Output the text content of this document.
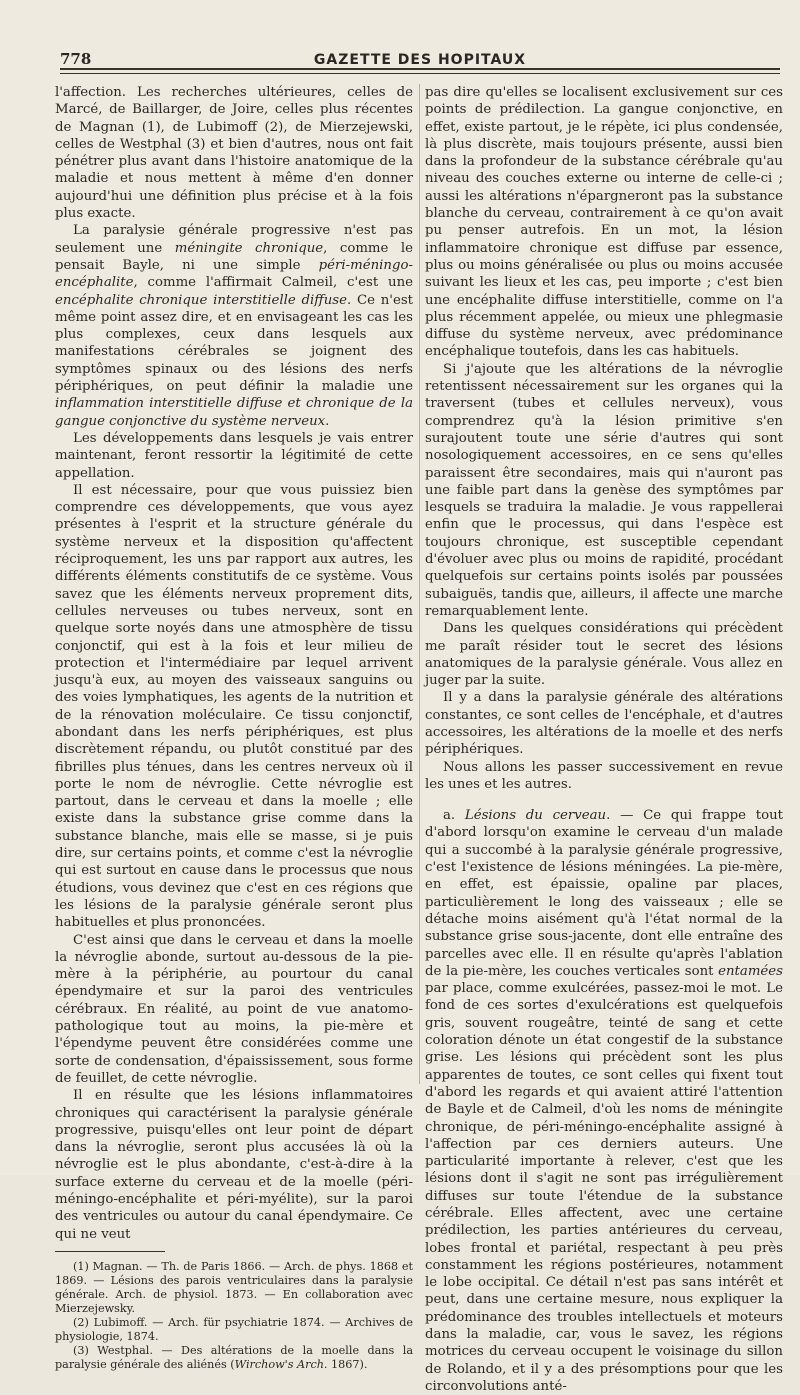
778	GAZETTE DES HOPITAUX

l'affection. Les recherches ultérieures, celles de Marcé, de Baillarger, de Joire, celles plus récentes de Magnan (1), de Lubimoff (2), de Mierzejewski, celles de Westphal (3) et bien d'autres, nous ont fait pénétrer plus avant dans l'histoire anatomique de la maladie et nous mettent à même d'en donner aujourd'hui une définition plus précise et à la fois plus exacte.

La paralysie générale progressive n'est pas seulement une méningite chronique, comme le pensait Bayle, ni une simple péri-méningo-encéphalite, comme l'affirmait Calmeil, c'est une encéphalite chronique interstitielle diffuse. Ce n'est même point assez dire, et en envisageant les cas les plus complexes, ceux dans lesquels aux manifestations cérébrales se joignent des symptômes spinaux ou des lésions des nerfs périphériques, on peut définir la maladie une inflammation interstitielle diffuse et chronique de la gangue conjonctive du système nerveux.

Les développements dans lesquels je vais entrer maintenant, feront ressortir la légitimité de cette appellation.

Il est nécessaire, pour que vous puissiez bien comprendre ces développements, que vous ayez présentes à l'esprit et la structure générale du système nerveux et la disposition qu'affectent réciproquement, les uns par rapport aux autres, les différents éléments constitutifs de ce système. Vous savez que les éléments nerveux proprement dits, cellules nerveuses ou tubes nerveux, sont en quelque sorte noyés dans une atmosphère de tissu conjonctif, qui est à la fois et leur milieu de protection et l'intermédiaire par lequel arrivent jusqu'à eux, au moyen des vaisseaux sanguins ou des voies lymphatiques, les agents de la nutrition et de la rénovation moléculaire. Ce tissu conjonctif, abondant dans les nerfs périphériques, est plus discrètement répandu, ou plutôt constitué par des fibrilles plus ténues, dans les centres nerveux où il porte le nom de névroglie. Cette névroglie est partout, dans le cerveau et dans la moelle ; elle existe dans la substance grise comme dans la substance blanche, mais elle se masse, si je puis dire, sur certains points, et comme c'est la névroglie qui est surtout en cause dans le processus que nous étudions, vous devinez que c'est en ces régions que les lésions de la paralysie générale seront plus habituelles et plus prononcées.

C'est ainsi que dans le cerveau et dans la moelle la névroglie abonde, surtout au-dessous de la pie-mère à la périphérie, au pourtour du canal épendymaire et sur la paroi des ventricules cérébraux. En réalité, au point de vue anatomo-pathologique tout au moins, la pie-mère et l'épendyme peuvent être considérées comme une sorte de condensation, d'épaississement, sous forme de feuillet, de cette névroglie.

Il en résulte que les lésions inflammatoires chroniques qui caractérisent la paralysie générale progressive, puisqu'elles ont leur point de départ dans la névroglie, seront plus accusées là où la névroglie est le plus abondante, c'est-à-dire à la surface externe du cerveau et de la moelle (péri-méningo-encéphalite et péri-myélite), sur la paroi des ventricules ou autour du canal épendymaire. Ce qui ne veut

(1) Magnan. — Th. de Paris 1866. — Arch. de phys. 1868 et 1869. — Lésions des parois ventriculaires dans la paralysie générale. Arch. de physiol. 1873. — En collaboration avec Mierzejewsky.

(2) Lubimoff. — Arch. für psychiatrie 1874. — Archives de physiologie, 1874.

(3) Westphal. — Des altérations de la moelle dans la paralysie générale des aliénés (Wirchow's Arch. 1867).

pas dire qu'elles se localisent exclusivement sur ces points de prédilection. La gangue conjonctive, en effet, existe partout, je le répète, ici plus condensée, là plus discrète, mais toujours présente, aussi bien dans la profondeur de la substance cérébrale qu'au niveau des couches externe ou interne de celle-ci ; aussi les altérations n'épargneront pas la substance blanche du cerveau, contrairement à ce qu'on avait pu penser autrefois. En un mot, la lésion inflammatoire chronique est diffuse par essence, plus ou moins généralisée ou plus ou moins accusée suivant les lieux et les cas, peu importe ; c'est bien une encéphalite diffuse interstitielle, comme on l'a plus récemment appelée, ou mieux une phlegmasie diffuse du système nerveux, avec prédominance encéphalique toutefois, dans les cas habituels.

Si j'ajoute que les altérations de la névroglie retentissent nécessairement sur les organes qui la traversent (tubes et cellules nerveux), vous comprendrez qu'à la lésion primitive s'en surajoutent toute une série d'autres qui sont nosologiquement accessoires, en ce sens qu'elles paraissent être secondaires, mais qui n'auront pas une faible part dans la genèse des symptômes par lesquels se traduira la maladie. Je vous rappellerai enfin que le processus, qui dans l'espèce est toujours chronique, est susceptible cependant d'évoluer avec plus ou moins de rapidité, procédant quelquefois sur certains points isolés par poussées subaiguës, tandis que, ailleurs, il affecte une marche remarquablement lente.

Dans les quelques considérations qui précèdent me paraît résider tout le secret des lésions anatomiques de la paralysie générale. Vous allez en juger par la suite.

Il y a dans la paralysie générale des altérations constantes, ce sont celles de l'encéphale, et d'autres accessoires, les altérations de la moelle et des nerfs périphériques.

Nous allons les passer successivement en revue les unes et les autres.

a. Lésions du cerveau. — Ce qui frappe tout d'abord lorsqu'on examine le cerveau d'un malade qui a succombé à la paralysie générale progressive, c'est l'existence de lésions méningées. La pie-mère, en effet, est épaissie, opaline par places, particulièrement le long des vaisseaux ; elle se détache moins aisément qu'à l'état normal de la substance grise sous-jacente, dont elle entraîne des parcelles avec elle. Il en résulte qu'après l'ablation de la pie-mère, les couches verticales sont entamées par place, comme exulcérées, passez-moi le mot. Le fond de ces sortes d'exulcérations est quelquefois gris, souvent rougeâtre, teinté de sang et cette coloration dénote un état congestif de la substance grise. Les lésions qui précèdent sont les plus apparentes de toutes, ce sont celles qui fixent tout d'abord les regards et qui avaient attiré l'attention de Bayle et de Calmeil, d'où les noms de méningite chronique, de péri-méningo-encéphalite assigné à l'affection par ces derniers auteurs. Une particularité importante à relever, c'est que les lésions dont il s'agit ne sont pas irrégulièrement diffuses sur toute l'étendue de la substance cérébrale. Elles affectent, avec une certaine prédilection, les parties antérieures du cerveau, lobes frontal et pariétal, respectant à peu près constamment les régions postérieures, notamment le lobe occipital. Ce détail n'est pas sans intérêt et peut, dans une certaine mesure, nous expliquer la prédominance des troubles intellectuels et moteurs dans la maladie, car, vous le savez, les régions motrices du cerveau occupent le voisinage du sillon de Rolando, et il y a des présomptions pour que les circonvolutions anté-
